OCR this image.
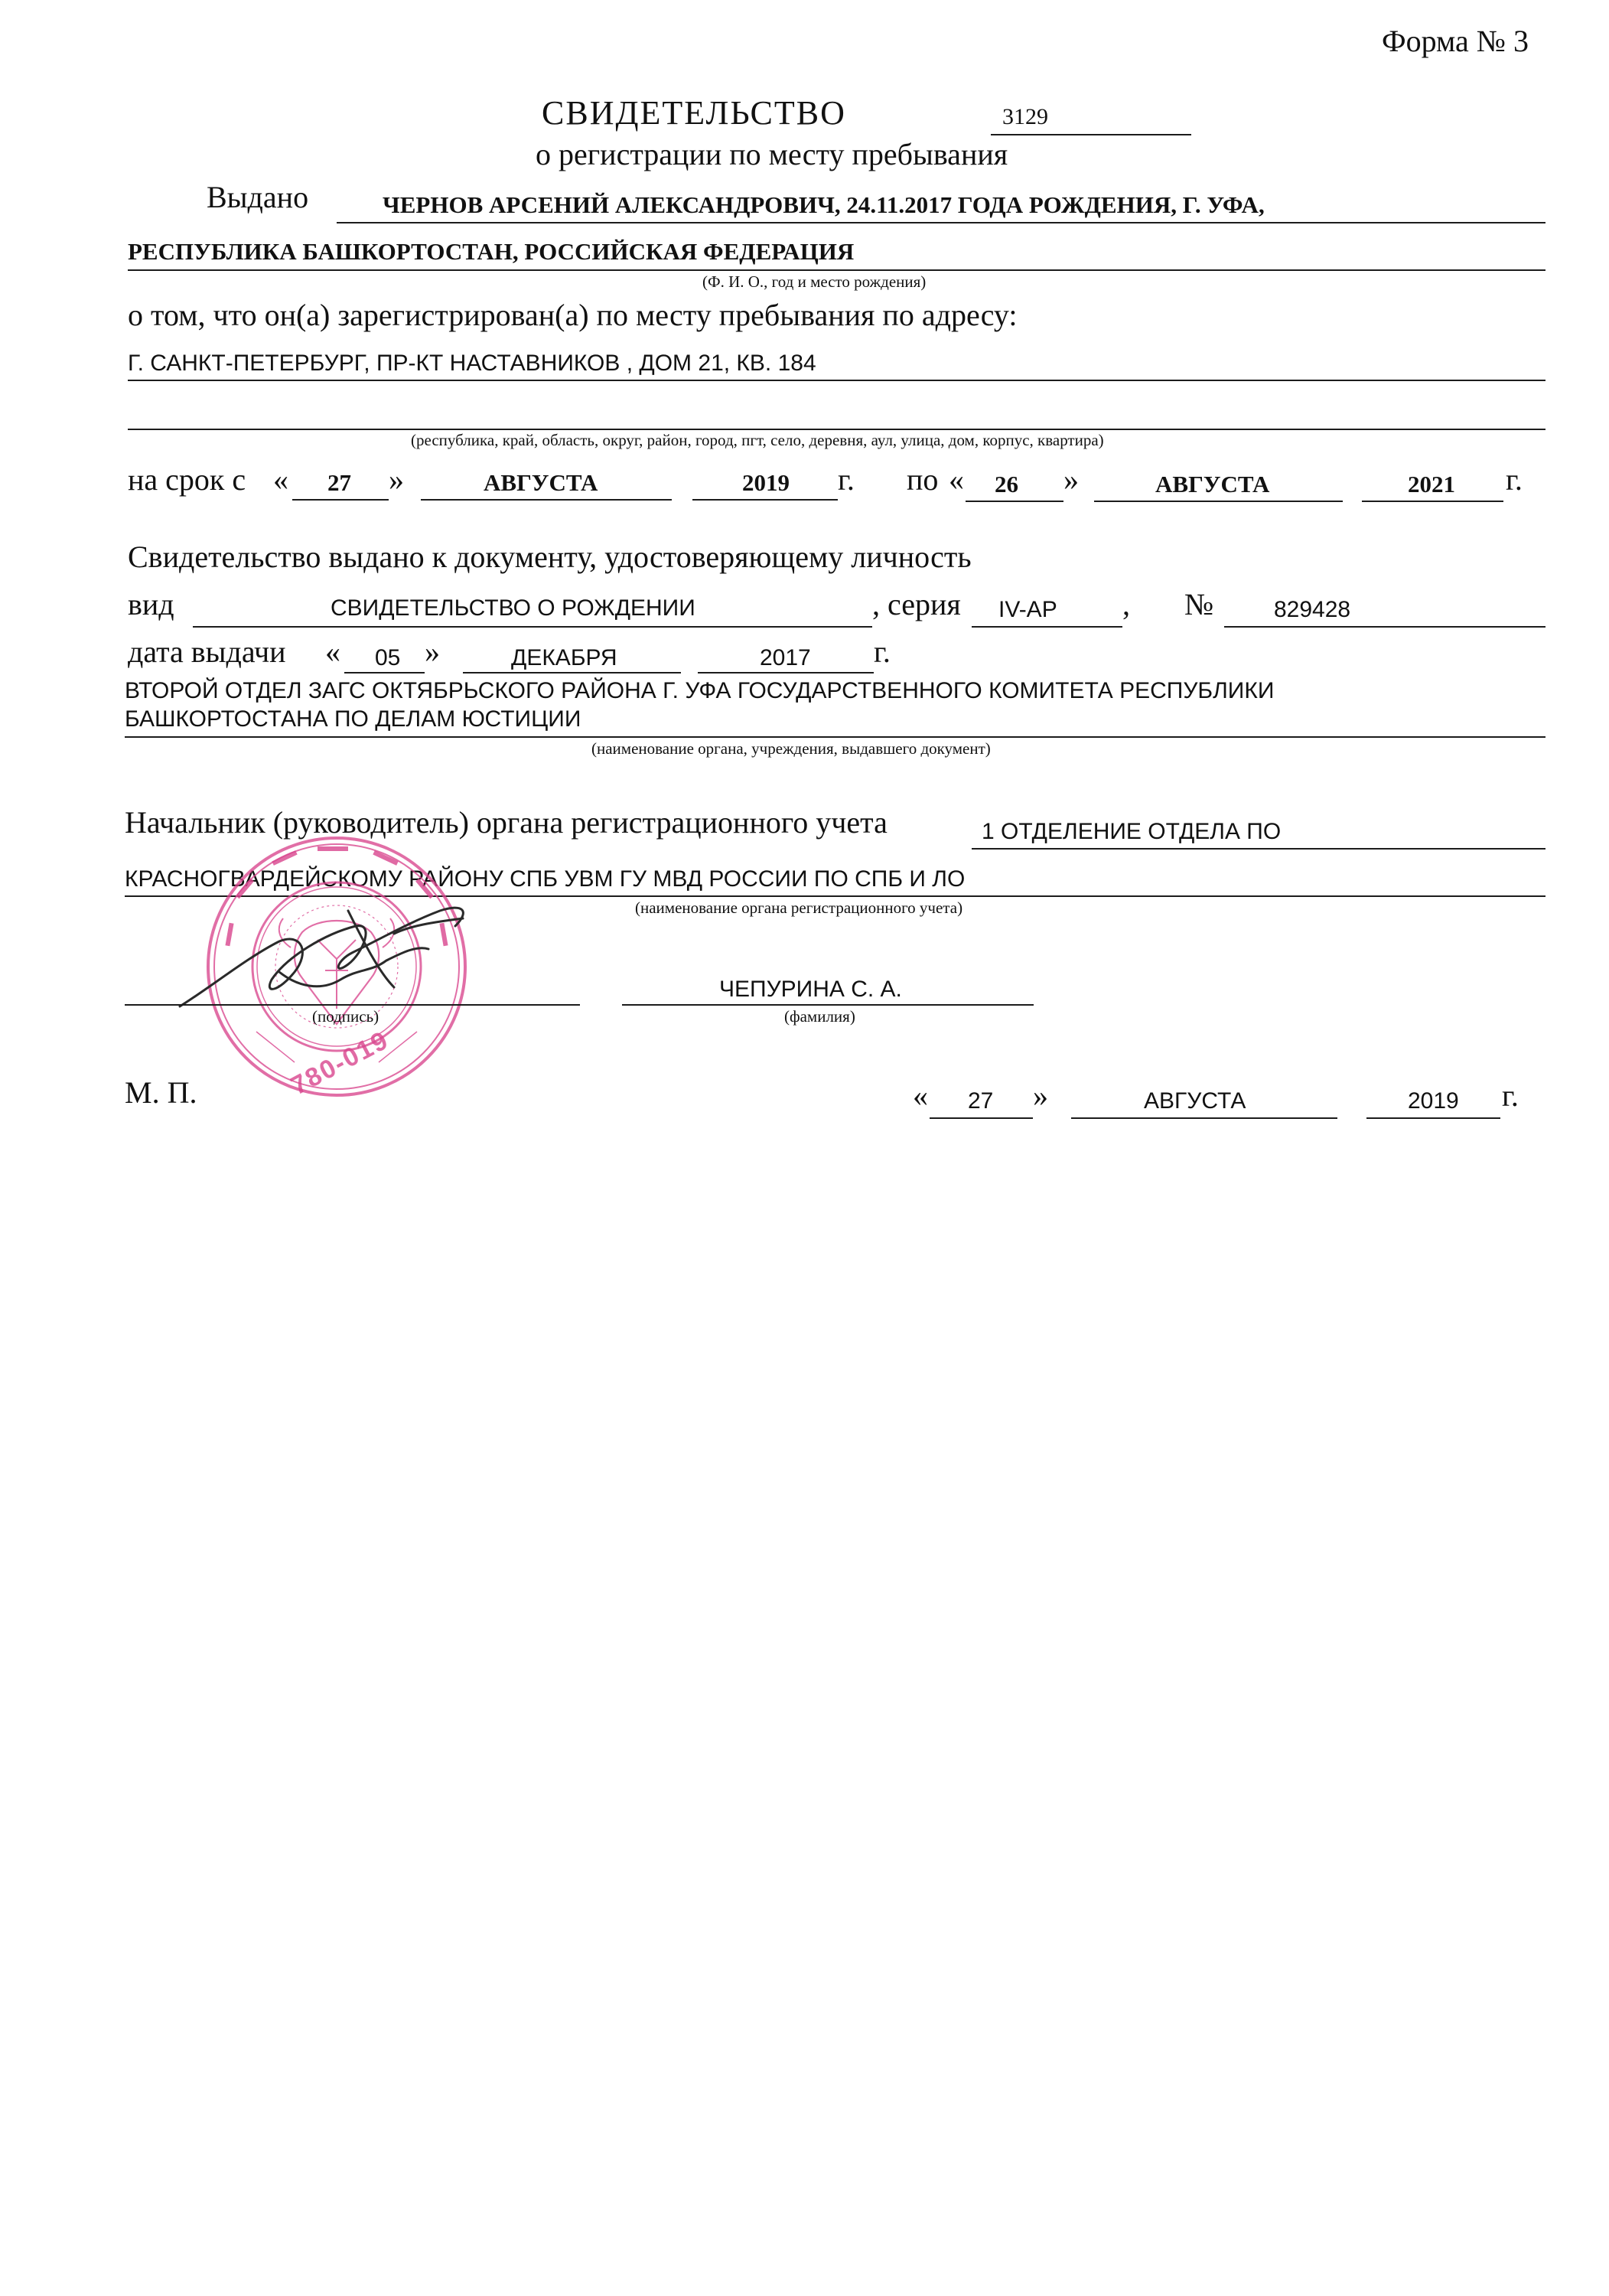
Форма № 3
СВИДЕТЕЛЬСТВО	3129
о регистрации по месту пребывания
Выдано	ЧЕРНОВ АРСЕНИЙ АЛЕКСАНДРОВИЧ, 24.11.2017 ГОДА РОЖДЕНИЯ, Г. УФА,
РЕСПУБЛИКА БАШКОРТОСТАН, РОССИЙСКАЯ ФЕДЕРАЦИЯ
(Ф. И. О., год и место рождения)
о том, что он(а) зарегистрирован(а) по месту пребывания по адресу:
Г. САНКТ-ПЕТЕРБУРГ, ПР-КТ НАСТАВНИКОВ , ДОМ 21, КВ. 184
(республика, край, область, округ, район, город, пгт, село, деревня, аул, улица, дом, корпус, квартира)
на срок с « 27 »	АВГУСТА	2019 г. по « 26 »	АВГУСТА	2021 г.
Свидетельство выдано к документу, удостоверяющему личность
вид	СВИДЕТЕЛЬСТВО О РОЖДЕНИИ	, серия IV-АР , №	829428
дата выдачи « 05 »	ДЕКАБРЯ	2017 г.
ВТОРОЙ ОТДЕЛ ЗАГС ОКТЯБРЬСКОГО РАЙОНА Г. УФА ГОСУДАРСТВЕННОГО КОМИТЕТА РЕСПУБЛИКИ
БАШКОРТОСТАНА ПО ДЕЛАМ ЮСТИЦИИ
(наименование органа, учреждения, выдавшего документ)
Начальник (руководитель) органа регистрационного учета	1 ОТДЕЛЕНИЕ ОТДЕЛА ПО
КРАСНОГВАРДЕЙСКОМУ РАЙОНУ СПБ УВМ ГУ МВД РОССИИ ПО СПБ И ЛО
(наименование органа регистрационного учета)
780-019
(подпись)
ЧЕПУРИНА С. А.
(фамилия)
М. П.	« 27 »	АВГУСТА	2019 г.
